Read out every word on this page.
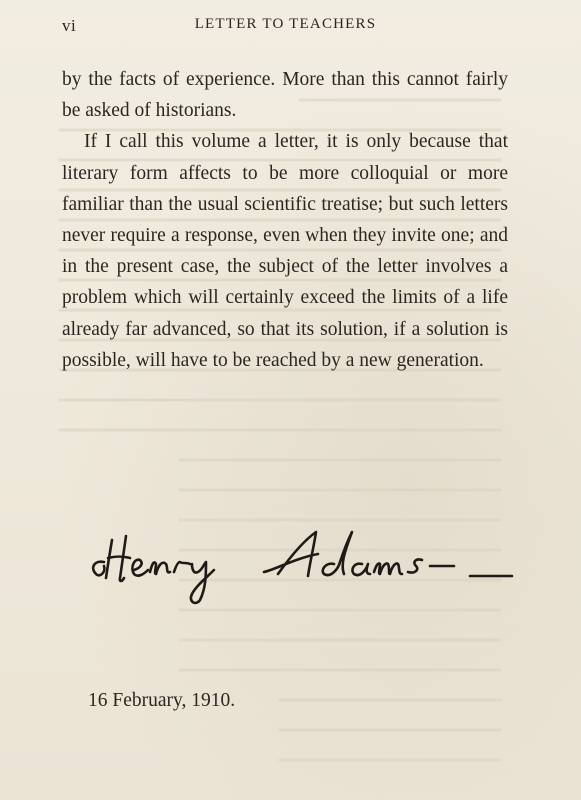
vi	LETTER TO TEACHERS

by the facts of experience. More than this cannot fairly be asked of historians.

If I call this volume a letter, it is only because that literary form affects to be more colloquial or more familiar than the usual scientific treatise; but such letters never require a response, even when they invite one; and in the present case, the subject of the letter involves a problem which will certainly exceed the limits of a life already far advanced, so that its solution, if a solution is possible, will have to be reached by a new generation.

16 February, 1910.
